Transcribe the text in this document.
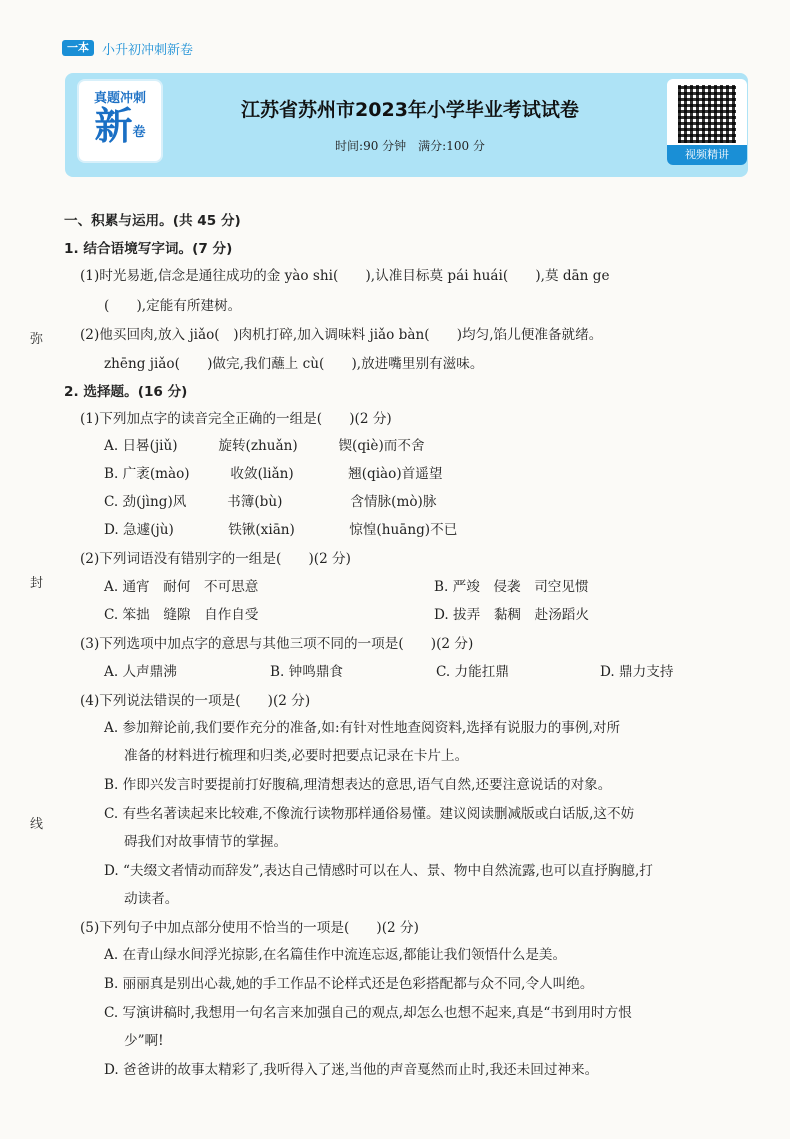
一本	小升初冲刺新卷
真题冲刺
新卷
江苏省苏州市2023年小学毕业考试试卷
时间:90 分钟　满分:100 分
视频精讲
弥
封
线
一、积累与运用。(共 45 分)
1. 结合语境写字词。(7 分)
(1)时光易逝,信念是通往成功的金 yào shi(　　),认准目标莫 pái huái(　　),莫 dān ge
(　　),定能有所建树。
(2)他买回肉,放入 jiǎo(　)肉机打碎,加入调味料 jiǎo bàn(　　)均匀,馅儿便准备就绪。
zhēng jiǎo(　　)做完,我们蘸上 cù(　　),放进嘴里别有滋味。
2. 选择题。(16 分)
(1)下列加点字的读音完全正确的一组是(　　)(2 分)
A. 日晷(jiǔ)　　　旋转(zhuǎn)　　　锲(qiè)而不舍
B. 广袤(mào)　　　收敛(liǎn)　　　　翘(qiào)首遥望
C. 劲(jìng)风　　　书簿(bù)　　　　　含情脉(mò)脉
D. 急遽(jù)　　　　铁锹(xiān)　　　　惊惶(huāng)不已
(2)下列词语没有错别字的一组是(　　)(2 分)
A. 通宵　耐何　不可思意	B. 严竣　侵袭　司空见惯
C. 笨拙　缝隙　自作自受	D. 拔弄　黏稠　赴汤蹈火
(3)下列选项中加点字的意思与其他三项不同的一项是(　　)(2 分)
A. 人声鼎沸	B. 钟鸣鼎食	C. 力能扛鼎	D. 鼎力支持
(4)下列说法错误的一项是(　　)(2 分)
A. 参加辩论前,我们要作充分的准备,如:有针对性地查阅资料,选择有说服力的事例,对所
准备的材料进行梳理和归类,必要时把要点记录在卡片上。
B. 作即兴发言时要提前打好腹稿,理清想表达的意思,语气自然,还要注意说话的对象。
C. 有些名著读起来比较难,不像流行读物那样通俗易懂。建议阅读删减版或白话版,这不妨
碍我们对故事情节的掌握。
D. “夫缀文者情动而辞发”,表达自己情感时可以在人、景、物中自然流露,也可以直抒胸臆,打
动读者。
(5)下列句子中加点部分使用不恰当的一项是(　　)(2 分)
A. 在青山绿水间浮光掠影,在名篇佳作中流连忘返,都能让我们领悟什么是美。
B. 丽丽真是别出心裁,她的手工作品不论样式还是色彩搭配都与众不同,令人叫绝。
C. 写演讲稿时,我想用一句名言来加强自己的观点,却怎么也想不起来,真是“书到用时方恨
少”啊!
D. 爸爸讲的故事太精彩了,我听得入了迷,当他的声音戛然而止时,我还未回过神来。
